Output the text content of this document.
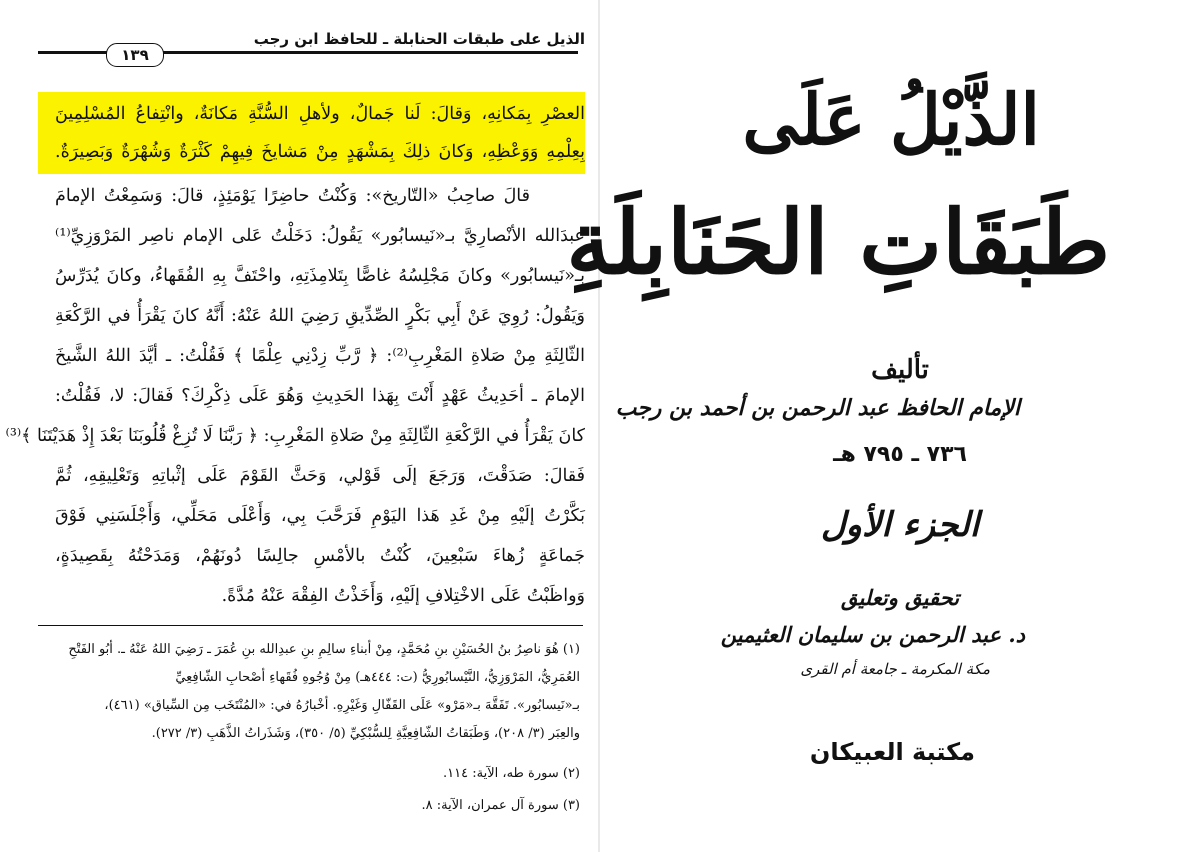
الذيل على طبقات الحنابلة ـ للحافظ ابن رجب
١٣٩
العصْرِ بِمَكانِهِ، وَقالَ: لَنا جَمالٌ، ولأهلِ السُّنَّةِ مَكانَةٌ، وانْتِفاعُ المُسْلِمِينَ
بِعِلْمِهِ وَوَعْظِهِ، وَكانَ ذلِكَ بِمَشْهَدٍ مِنْ مَشايخَ فِيهِمْ كَثْرَةٌ وَشُهْرَةٌ وَبَصِيرَةٌ.
قالَ صاحِبُ «التّاريخ»: وَكُنْتُ حاضِرًا يَوْمَئِذٍ، قالَ: وَسَمِعْتُ الإمامَ
عبدَالله الأنْصارِيَّ بـ«نَيسابُور» يَقُولُ: دَخَلْتُ عَلى الإمام ناصِر المَرْوَزِيِّ⁽¹⁾
بـ«نَيسابُور» وكانَ مَجْلِسُهُ غاصًّا بِتَلامِذَتِهِ، واحْتَفَّ بِهِ الفُقَهاءُ، وكانَ يُدَرِّسُ
وَيَقُولُ: رُوِيَ عَنْ أَبِي بَكْرٍ الصِّدِّيقِ رَضِيَ اللهُ عَنْهُ: أَنَّهُ كانَ يَقْرَأُ في الرَّكْعَةِ
الثّالِثَةِ مِنْ صَلاةِ المَغْرِبِ⁽²⁾: ﴿ رَّبِّ زِدْنِي عِلْمًا ﴾ فَقُلْتُ: ـ أيَّدَ اللهُ الشَّيخَ
الإمامَ ـ أحَدِيثُ عَهْدٍ أَنْتَ بِهَذا الحَدِيثِ وَهُوَ عَلَى ذِكْرِكَ؟ فَقالَ: لا، فَقُلْتُ:
كانَ يَقْرَأُ في الرَّكْعَةِ الثّالِثَةِ مِنْ صَلاةِ المَغْرِبِ: ﴿ رَبَّنَا لَا تُزِغْ قُلُوبَنَا بَعْدَ إِذْ هَدَيْتَنَا ﴾⁽³⁾
فَقالَ: صَدَقْتَ، وَرَجَعَ إلَى قَوْلي، وَحَثَّ القَوْمَ عَلَى إثْباتِهِ وَتَعْلِيقِهِ، ثُمَّ
بَكَّرْتُ إلَيْهِ مِنْ غَدِ هَذا اليَوْمِ فَرَحَّبَ بِي، وَأَعْلَى مَحَلِّي، وَأَجْلَسَنِي فَوْقَ
جَماعَةٍ زُهاءَ سَبْعِينَ، كُنْتُ بالأمْسِ جالِسًا دُونَهُمْ، وَمَدَحْتُهُ بِقَصِيدَةٍ،
وَواظَبْتُ عَلَى الاخْتِلافِ إلَيْهِ، وَأَخَذْتُ الفِقْهَ عَنْهُ مُدَّةً.
(١) هُوَ ناصِرُ بنُ الحُسَيْنِ بنِ مُحَمَّدٍ، مِنْ أبناءِ سالِمِ بنِ عبدِالله بنِ عُمَرَ ـ رَضِيَ اللهُ عَنْهُ ـ. أبُو الفَتْحِ
العُمَرِيُّ، المَرْوَزِيُّ، النَّيْسابُورِيُّ (ت: ٤٤٤هـ) مِنْ وُجُوهِ فُقَهاءِ أصْحابِ الشّافِعِيِّ
بـ«نَيسابُور». تَفَقَّهَ بـ«مَرْو» عَلَى القَفّالِ وَغَيْرِهِ. أخْبارُهُ في: «المُنْتَخَب مِن السِّياق» (٤٦١)،
والعِبَر (٣/ ٢٠٨)، وَطَبَقاتُ الشّافِعِيَّةِ لِلسُّبْكِيِّ (٥/ ٣٥٠)، وَشَذَراتُ الذَّهَبِ (٣/ ٢٧٢).
(٢) سورة طه، الآية: ١١٤.
(٣) سورة آل عمران، الآية: ٨.
الذَّيْلُ عَلَى
طَبَقَاتِ الحَنَابِلَةِ
تأليف
الإمام الحافظ عبد الرحمن بن أحمد بن رجب
٧٣٦ ـ ٧٩٥ هـ
الجزء الأول
تحقيق وتعليق
د. عبد الرحمن بن سليمان العثيمين
مكة المكرمة ـ جامعة أم القرى
مكتبة العبيكان
